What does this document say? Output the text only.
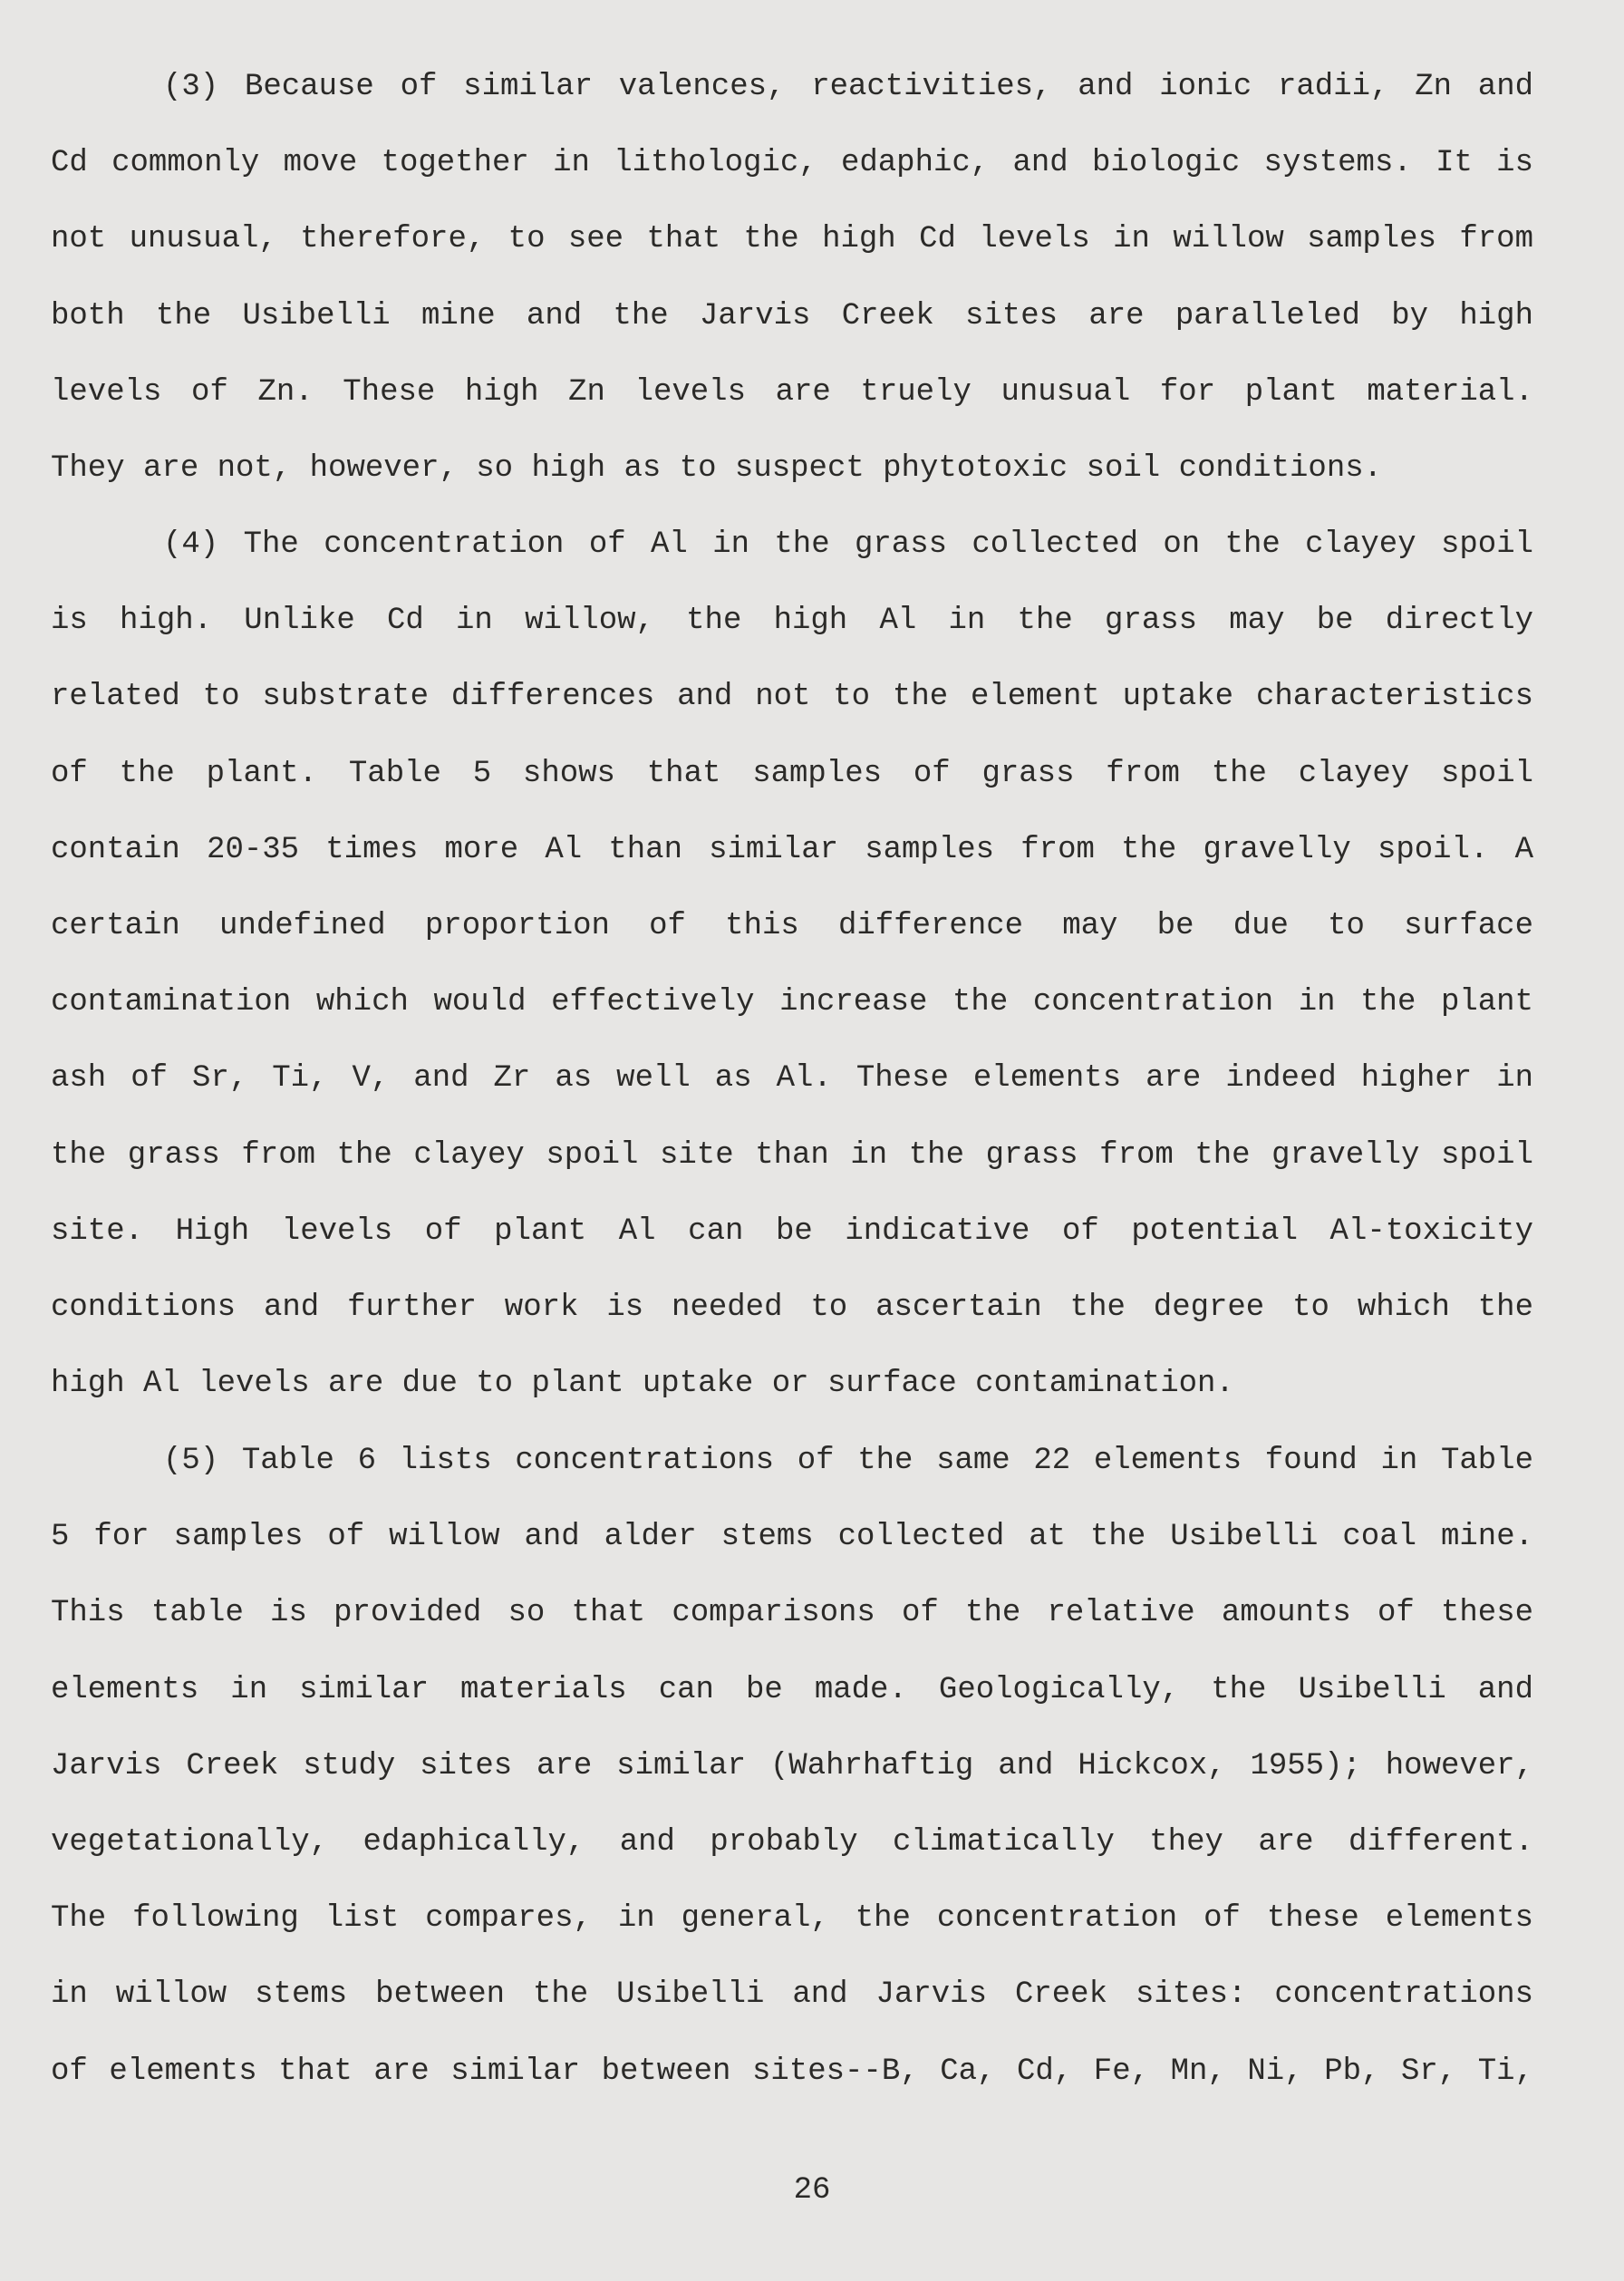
(3) Because of similar valences, reactivities, and ionic radii, Zn and
Cd commonly move together in lithologic, edaphic, and biologic systems. It is
not unusual, therefore, to see that the high Cd levels in willow samples from
both the Usibelli mine and the Jarvis Creek sites are paralleled by high
levels of Zn. These high Zn levels are truely unusual for plant material.
They are not, however, so high as to suspect phytotoxic soil conditions.
(4) The concentration of Al in the grass collected on the clayey spoil
is high. Unlike Cd in willow, the high Al in the grass may be directly
related to substrate differences and not to the element uptake characteristics
of the plant. Table 5 shows that samples of grass from the clayey spoil
contain 20-35 times more Al than similar samples from the gravelly spoil. A
certain undefined proportion of this difference may be due to surface
contamination which would effectively increase the concentration in the plant
ash of Sr, Ti, V, and Zr as well as Al. These elements are indeed higher in
the grass from the clayey spoil site than in the grass from the gravelly spoil
site. High levels of plant Al can be indicative of potential Al-toxicity
conditions and further work is needed to ascertain the degree to which the
high Al levels are due to plant uptake or surface contamination.
(5) Table 6 lists concentrations of the same 22 elements found in Table
5 for samples of willow and alder stems collected at the Usibelli coal mine.
This table is provided so that comparisons of the relative amounts of these
elements in similar materials can be made. Geologically, the Usibelli and
Jarvis Creek study sites are similar (Wahrhaftig and Hickcox, 1955); however,
vegetationally, edaphically, and probably climatically they are different.
The following list compares, in general, the concentration of these elements
in willow stems between the Usibelli and Jarvis Creek sites: concentrations
of elements that are similar between sites--B, Ca, Cd, Fe, Mn, Ni, Pb, Sr, Ti,
26
